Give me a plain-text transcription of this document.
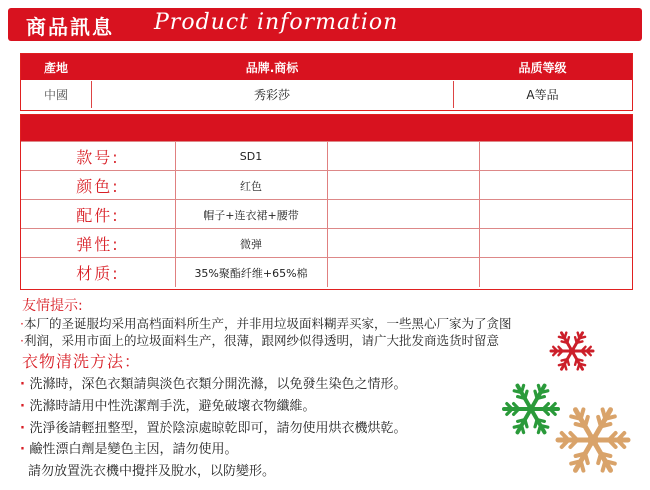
商品訊息 Product information
產地	品牌.商标	品质等级
中國	秀彩莎	A等品
款号:	SD1
颜色:	红色
配件:	帽子+连衣裙+腰带
弹性:	微弹
材质:	35%聚酯纤维+65%棉
友情提示:
·本厂的圣诞服均采用高档面料所生产，并非用垃圾面料糊弄买家，一些黑心厂家为了贪图
·利润，采用市面上的垃圾面料生产，很薄，跟网纱似得透明，请广大批发商选货时留意
衣物清洗方法：
· 洗滌時，深色衣類請與淡色衣類分開洗滌，以免發生染色之情形。
· 洗滌時請用中性洗潔劑手洗，避免破壞衣物纖維。
· 洗淨後請輕扭整型，置於陰涼處晾乾即可，請勿使用烘衣機烘乾。
· 鹼性漂白劑是變色主因，請勿使用。
請勿放置洗衣機中攪拌及脫水，以防變形。
